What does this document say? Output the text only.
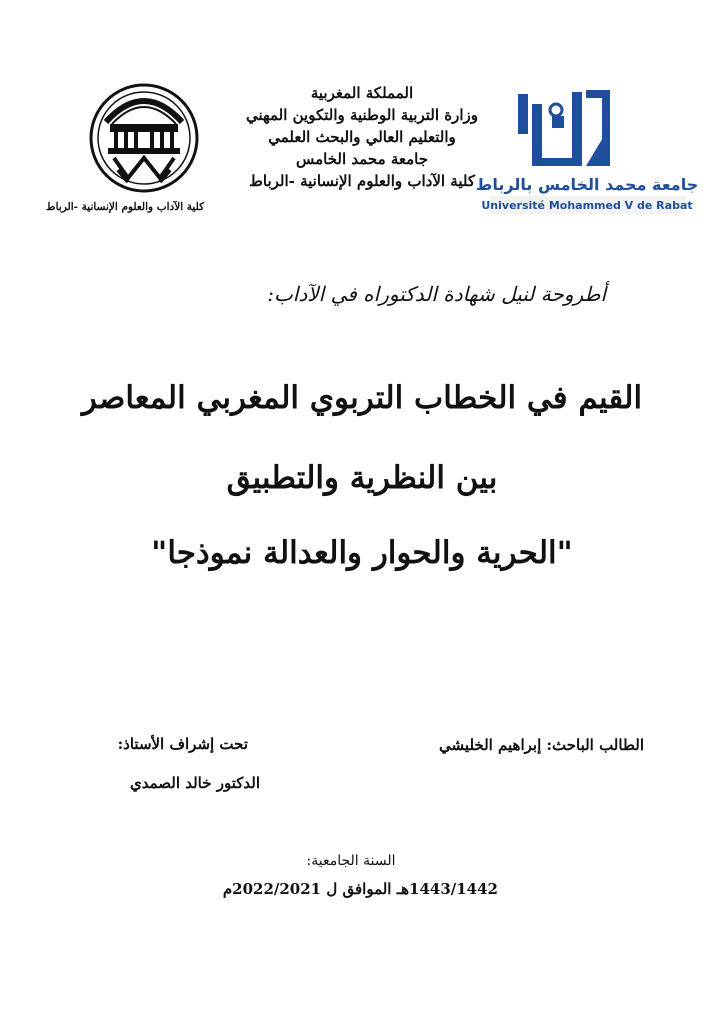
كلية الآداب والعلوم الإنسانية -الرباط
المملكة المغربية
وزارة التربية الوطنية والتكوين المهني
والتعليم العالي والبحث العلمي
جامعة محمد الخامس
كلية الآداب والعلوم الإنسانية -الرباط جامعة محمد الخامس بالرباط
Université Mohammed V de Rabat
أطروحة لنيل شهادة الدكتوراه في الآداب:
القيم في الخطاب التربوي المغربي المعاصر
بين النظرية والتطبيق
"الحرية والحوار والعدالة نموذجا"
الطالب الباحث: إبراهيم الخليشي
تحت إشراف الأستاذ:
الدكتور خالد الصمدي
السنة الجامعية:
1443/1442هـ الموافق ل 2022/2021م
